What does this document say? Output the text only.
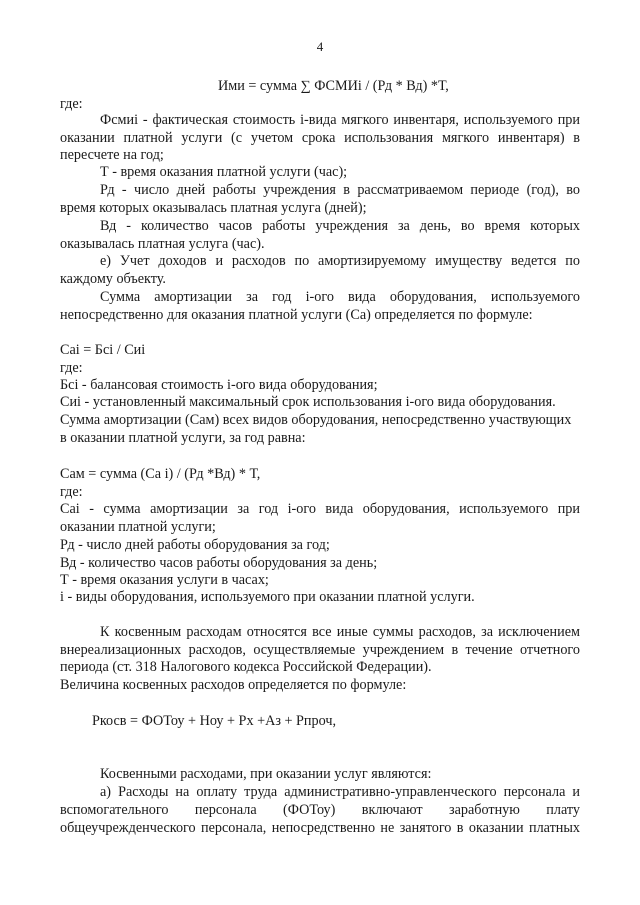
4
Ими = сумма ∑ ФСМИi / (Рд * Вд) *Т,
где:
Фсмиi - фактическая стоимость i-вида мягкого инвентаря, используемого при
оказании платной услуги (с учетом срока использования мягкого инвентаря) в
пересчете на год;
Т - время оказания платной услуги (час);
Рд - число дней работы учреждения в рассматриваемом периоде (год), во
время которых оказывалась платная услуга (дней);
Вд - количество часов работы учреждения за день, во время которых
оказывалась платная услуга (час).
е) Учет доходов и расходов по амортизируемому имуществу ведется по
каждому объекту.
Сумма амортизации за год i-ого вида оборудования, используемого
непосредственно для оказания платной услуги (Са) определяется по формуле:
Саi = Бсi / Сиi
где:
Бсi - балансовая стоимость i-ого вида оборудования;
Сиi - установленный максимальный срок использования i-ого вида оборудования.
Сумма амортизации (Сам) всех видов оборудования, непосредственно участвующих
в оказании платной услуги, за год равна:
Сам = сумма (Са i) / (Рд *Вд) * Т,
где:
Саi - сумма амортизации за год i-ого вида оборудования, используемого при
оказании платной услуги;
Рд - число дней работы оборудования за год;
Вд - количество часов работы оборудования за день;
Т - время оказания услуги в часах;
i - виды оборудования, используемого при оказании платной услуги.
К косвенным расходам относятся все иные суммы расходов, за исключением
внереализационных расходов, осуществляемые учреждением в течение отчетного
периода (ст. 318 Налогового кодекса Российской Федерации).
Величина косвенных расходов определяется по формуле:
Ркосв = ФОТоу + Ноу + Рх +Аз + Рпроч,
Косвенными расходами, при оказании услуг являются:
а) Расходы на оплату труда административно-управленческого персонала и
вспомогательного    персонала    (ФОТоу)    включают    заработную    плату
общеучрежденческого персонала, непосредственно не занятого в оказании платных
